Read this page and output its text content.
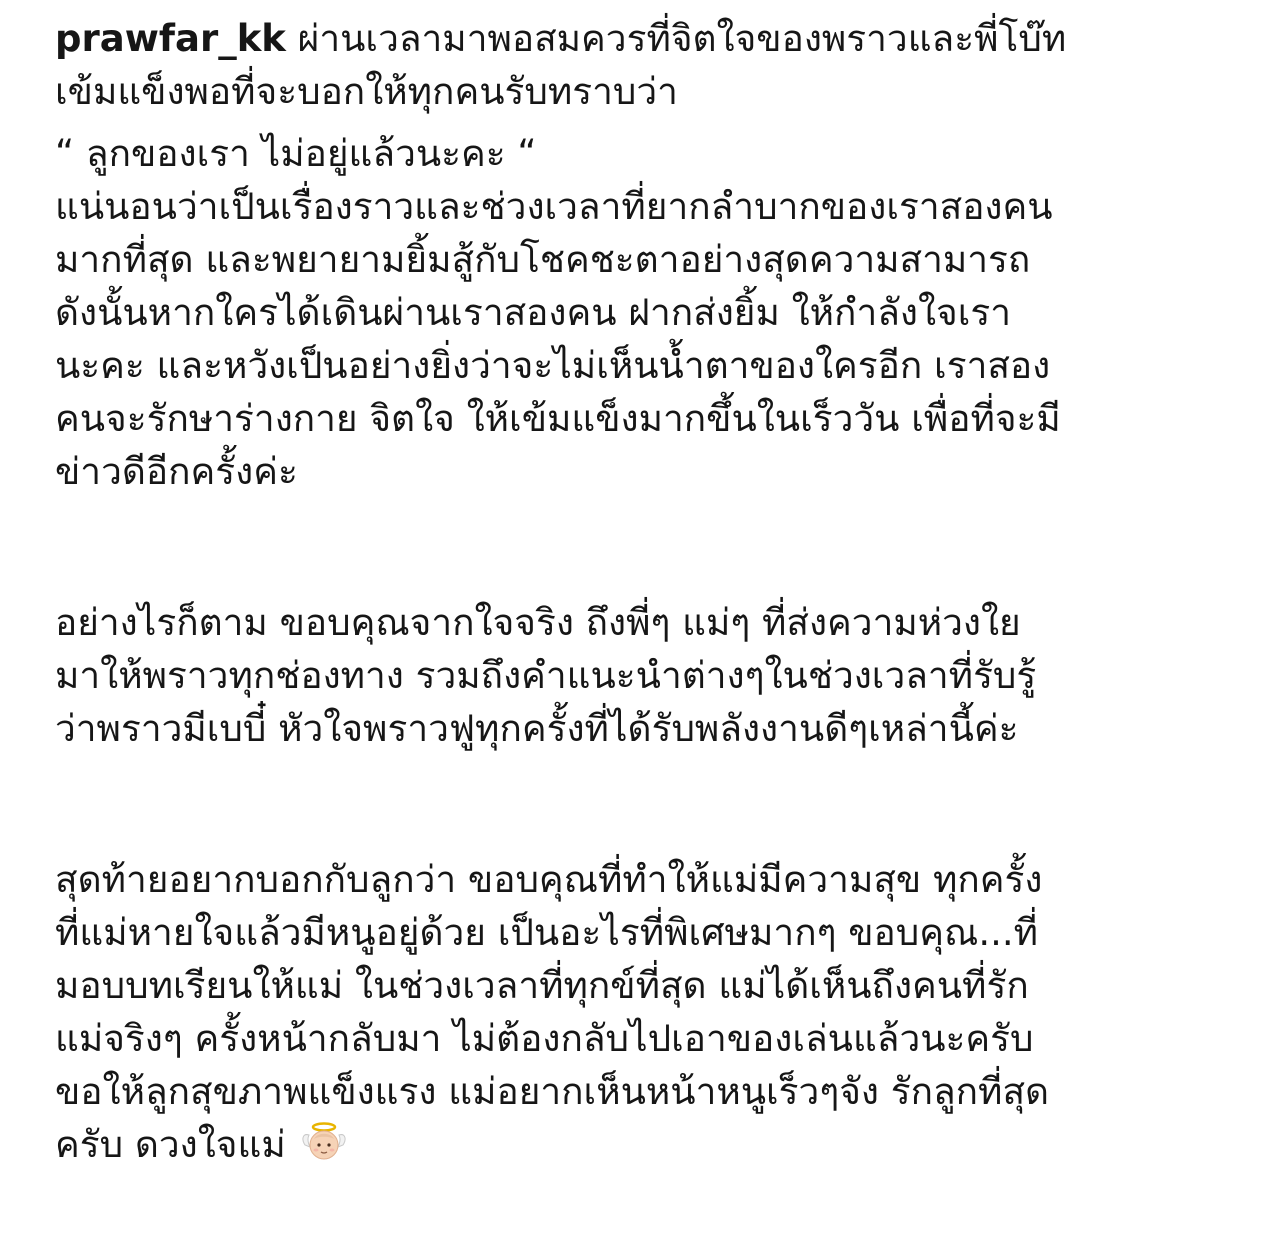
prawfar_kk ผ่านเวลามาพอสมควรที่จิตใจของพราวและพี่โบ๊ท
เข้มแข็งพอที่จะบอกให้ทุกคนรับทราบว่า
“ ลูกของเรา ไม่อยู่แล้วนะคะ “
แน่นอนว่าเป็นเรื่องราวและช่วงเวลาที่ยากลำบากของเราสองคน
มากที่สุด และพยายามยิ้มสู้กับโชคชะตาอย่างสุดความสามารถ
ดังนั้นหากใครได้เดินผ่านเราสองคน ฝากส่งยิ้ม ให้กำลังใจเรา
นะคะ และหวังเป็นอย่างยิ่งว่าจะไม่เห็นน้ำตาของใครอีก เราสอง
คนจะรักษาร่างกาย จิตใจ ให้เข้มแข็งมากขึ้นในเร็ววัน เพื่อที่จะมี
ข่าวดีอีกครั้งค่ะ
อย่างไรก็ตาม ขอบคุณจากใจจริง ถึงพี่ๆ แม่ๆ ที่ส่งความห่วงใย
มาให้พราวทุกช่องทาง รวมถึงคำแนะนำต่างๆในช่วงเวลาที่รับรู้
ว่าพราวมีเบบี๋ หัวใจพราวฟูทุกครั้งที่ได้รับพลังงานดีๆเหล่านี้ค่ะ
สุดท้ายอยากบอกกับลูกว่า ขอบคุณที่ทำให้แม่มีความสุข ทุกครั้ง
ที่แม่หายใจแล้วมีหนูอยู่ด้วย เป็นอะไรที่พิเศษมากๆ ขอบคุณ...ที่
มอบบทเรียนให้แม่ ในช่วงเวลาที่ทุกข์ที่สุด แม่ได้เห็นถึงคนที่รัก
แม่จริงๆ ครั้งหน้ากลับมา ไม่ต้องกลับไปเอาของเล่นแล้วนะครับ
ขอให้ลูกสุขภาพแข็งแรง แม่อยากเห็นหน้าหนูเร็วๆจัง รักลูกที่สุด
ครับ ดวงใจแม่
